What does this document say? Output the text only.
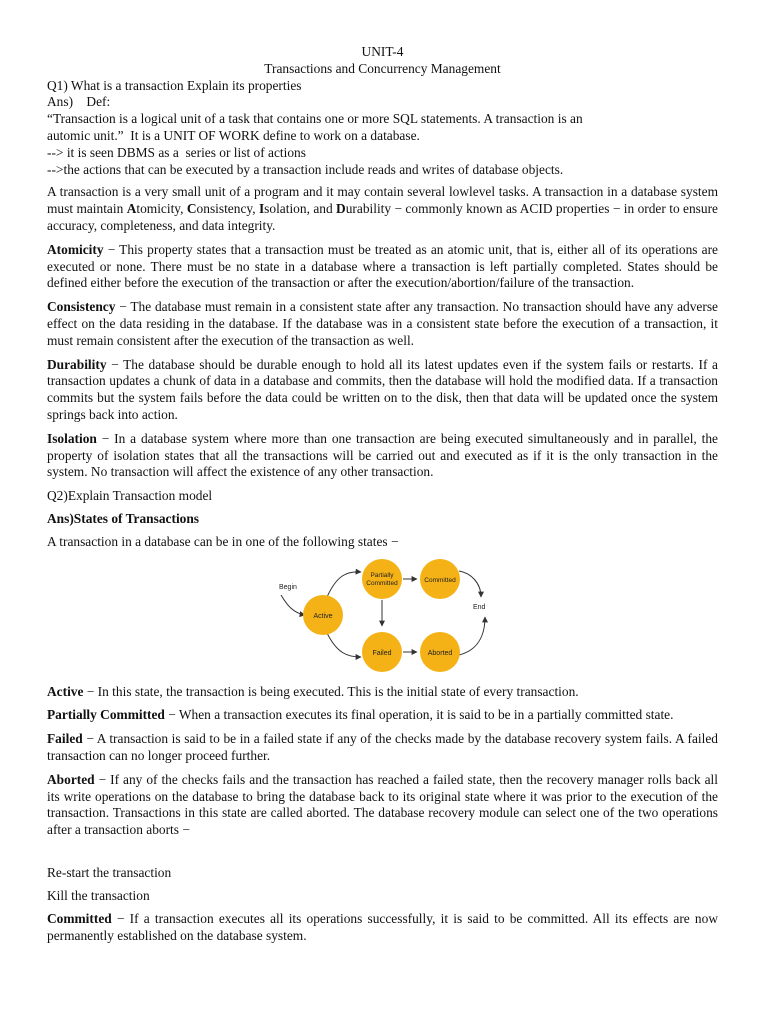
UNIT-4
Transactions and Concurrency Management
Q1) What is a transaction Explain its properties
Ans)    Def:
“Transaction is a logical unit of a task that contains one or more SQL statements. A transaction is an
automic unit.”  It is a UNIT OF WORK define to work on a database.
--> it is seen DBMS as a  series or list of actions
-->the actions that can be executed by a transaction include reads and writes of database objects.
A transaction is a very small unit of a program and it may contain several lowlevel tasks. A transaction in a database system must maintain Atomicity, Consistency, Isolation, and Durability − commonly known as ACID properties − in order to ensure accuracy, completeness, and data integrity.
Atomicity − This property states that a transaction must be treated as an atomic unit, that is, either all of its operations are executed or none. There must be no state in a database where a transaction is left partially completed. States should be defined either before the execution of the transaction or after the execution/abortion/failure of the transaction.
Consistency − The database must remain in a consistent state after any transaction. No transaction should have any adverse effect on the data residing in the database. If the database was in a consistent state before the execution of a transaction, it must remain consistent after the execution of the transaction as well.
Durability − The database should be durable enough to hold all its latest updates even if the system fails or restarts. If a transaction updates a chunk of data in a database and commits, then the database will hold the modified data. If a transaction commits but the system fails before the data could be written on to the disk, then that data will be updated once the system springs back into action.
Isolation − In a database system where more than one transaction are being executed simultaneously and in parallel, the property of isolation states that all the transactions will be carried out and executed as if it is the only transaction in the system. No transaction will affect the existence of any other transaction.
Q2)Explain Transaction model
Ans)States of Transactions
A transaction in a database can be in one of the following states −
Begin
Active
Partially
Committed	Committed
Failed	Aborted
End
Active − In this state, the transaction is being executed. This is the initial state of every transaction.
Partially Committed − When a transaction executes its final operation, it is said to be in a partially committed state.
Failed − A transaction is said to be in a failed state if any of the checks made by the database recovery system fails. A failed transaction can no longer proceed further.
Aborted − If any of the checks fails and the transaction has reached a failed state, then the recovery manager rolls back all its write operations on the database to bring the database back to its original state where it was prior to the execution of the transaction. Transactions in this state are called aborted. The database recovery module can select one of the two operations after a transaction aborts −
Re-start the transaction
Kill the transaction
Committed − If a transaction executes all its operations successfully, it is said to be committed. All its effects are now permanently established on the database system.
